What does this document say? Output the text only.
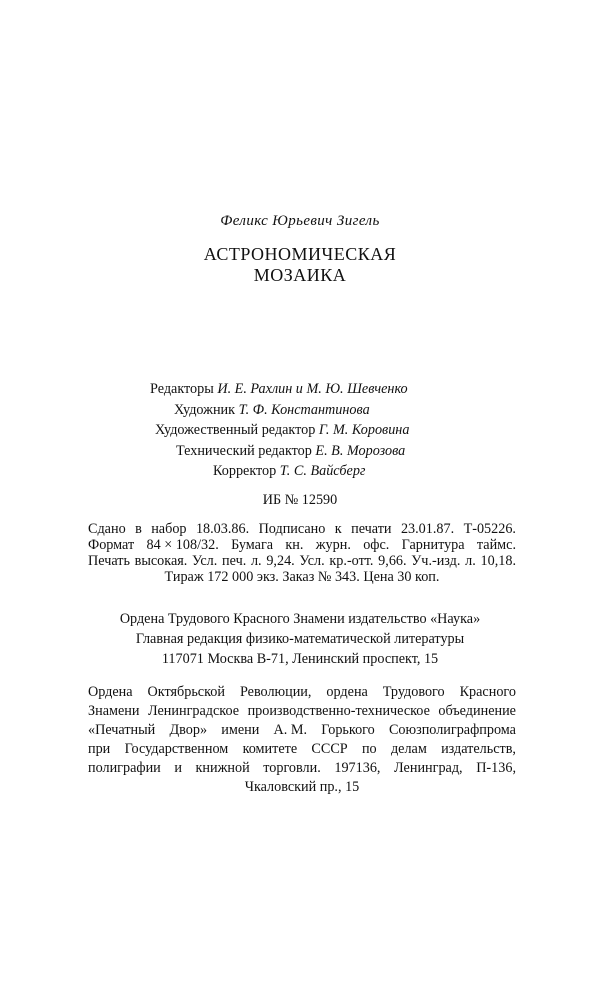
Феликс Юрьевич Зигель
АСТРОНОМИЧЕСКАЯ
МОЗАИКА
Редакторы И. Е. Рахлин и М. Ю. Шевченко
Художник Т. Ф. Константинова
Художественный редактор Г. М. Коровина
Технический редактор Е. В. Морозова
Корректор Т. С. Вайсберг
ИБ № 12590
Сдано в набор 18.03.86. Подписано к печати 23.01.87. Т-05226.
Формат 84 × 108/32. Бумага кн. журн. офс. Гарнитура таймс.
Печать высокая. Усл. печ. л. 9,24. Усл. кр.-отт. 9,66. Уч.-изд. л. 10,18.
Тираж 172 000 экз. Заказ № 343. Цена 30 коп.
Ордена Трудового Красного Знамени издательство «Наука»
Главная редакция физико-математической литературы
117071 Москва В-71, Ленинский проспект, 15
Ордена Октябрьской Революции, ордена Трудового Красного
Знамени Ленинградское производственно-техническое объединение
«Печатный Двор» имени А. М. Горького Союзполиграфпрома
при Государственном комитете СССР по делам издательств,
полиграфии и книжной торговли. 197136, Ленинград, П-136,
Чкаловский пр., 15
